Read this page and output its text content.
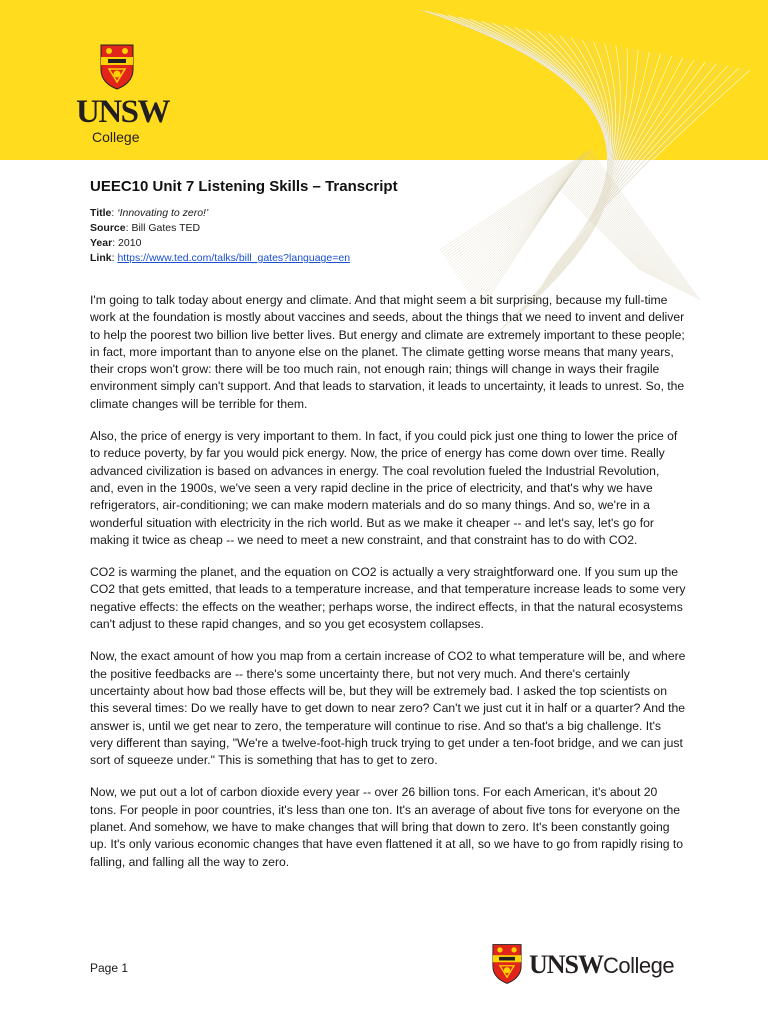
UNSW
College
UEEC10 Unit 7 Listening Skills – Transcript
Title: ‘Innovating to zero!’
Source: Bill Gates TED
Year: 2010
Link: https://www.ted.com/talks/bill_gates?language=en

I'm going to talk today about energy and climate. And that might seem a bit surprising, because my full-time work at the foundation is mostly about vaccines and seeds, about the things that we need to invent and deliver to help the poorest two billion live better lives. But energy and climate are extremely important to these people; in fact, more important than to anyone else on the planet. The climate getting worse means that many years, their crops won't grow: there will be too much rain, not enough rain; things will change in ways their fragile environment simply can't support. And that leads to starvation, it leads to uncertainty, it leads to unrest. So, the climate changes will be terrible for them.

Also, the price of energy is very important to them. In fact, if you could pick just one thing to lower the price of to reduce poverty, by far you would pick energy. Now, the price of energy has come down over time. Really advanced civilization is based on advances in energy. The coal revolution fueled the Industrial Revolution, and, even in the 1900s, we've seen a very rapid decline in the price of electricity, and that's why we have refrigerators, air-conditioning; we can make modern materials and do so many things. And so, we're in a wonderful situation with electricity in the rich world. But as we make it cheaper -- and let's say, let's go for making it twice as cheap -- we need to meet a new constraint, and that constraint has to do with CO2.

CO2 is warming the planet, and the equation on CO2 is actually a very straightforward one. If you sum up the CO2 that gets emitted, that leads to a temperature increase, and that temperature increase leads to some very negative effects: the effects on the weather; perhaps worse, the indirect effects, in that the natural ecosystems can't adjust to these rapid changes, and so you get ecosystem collapses.

Now, the exact amount of how you map from a certain increase of CO2 to what temperature will be, and where the positive feedbacks are -- there's some uncertainty there, but not very much. And there's certainly uncertainty about how bad those effects will be, but they will be extremely bad. I asked the top scientists on this several times: Do we really have to get down to near zero? Can't we just cut it in half or a quarter? And the answer is, until we get near to zero, the temperature will continue to rise. And so that's a big challenge. It's very different than saying, "We're a twelve-foot-high truck trying to get under a ten-foot bridge, and we can just sort of squeeze under." This is something that has to get to zero.

Now, we put out a lot of carbon dioxide every year -- over 26 billion tons. For each American, it's about 20 tons. For people in poor countries, it's less than one ton. It's an average of about five tons for everyone on the planet. And somehow, we have to make changes that will bring that down to zero. It's been constantly going up. It's only various economic changes that have even flattened it at all, so we have to go from rapidly rising to falling, and falling all the way to zero.

Page 1	UNSWCollege
